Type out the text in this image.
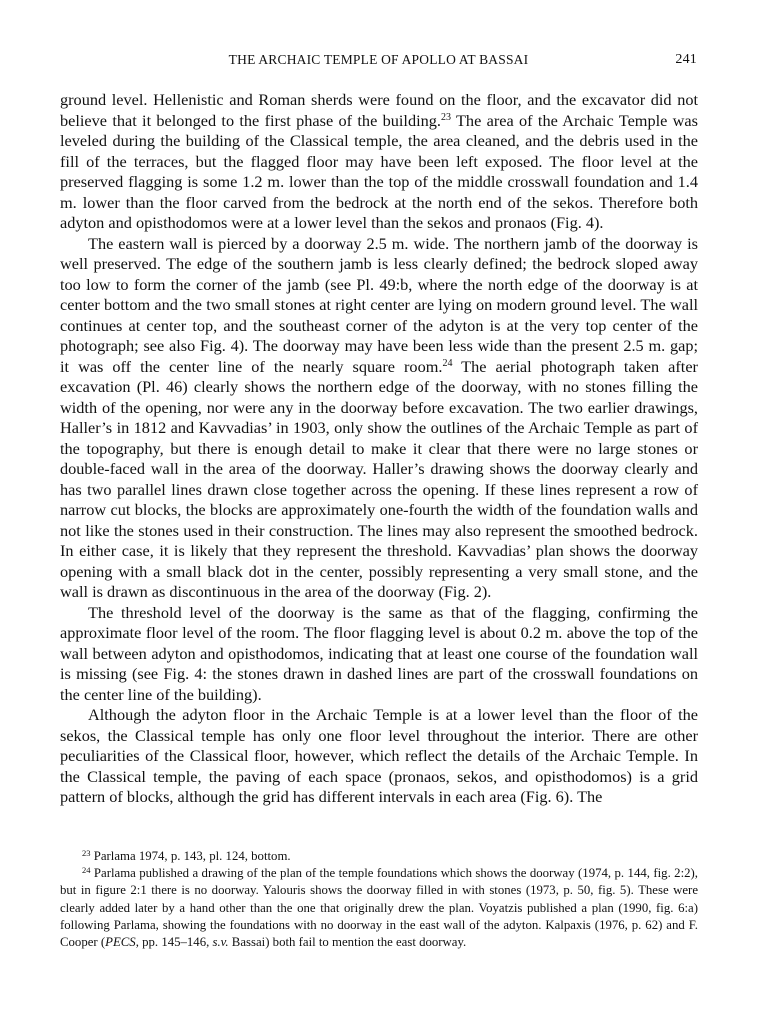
THE ARCHAIC TEMPLE OF APOLLO AT BASSAI	241

ground level. Hellenistic and Roman sherds were found on the floor, and the excavator did not believe that it belonged to the first phase of the building.$^{23}$ The area of the Archaic Temple was leveled during the building of the Classical temple, the area cleaned, and the debris used in the fill of the terraces, but the flagged floor may have been left exposed. The floor level at the preserved flagging is some 1.2 m. lower than the top of the middle crosswall foundation and 1.4 m. lower than the floor carved from the bedrock at the north end of the sekos. Therefore both adyton and opisthodomos were at a lower level than the sekos and pronaos (Fig. 4).

The eastern wall is pierced by a doorway 2.5 m. wide. The northern jamb of the doorway is well preserved. The edge of the southern jamb is less clearly defined; the bedrock sloped away too low to form the corner of the jamb (see Pl. 49:b, where the north edge of the doorway is at center bottom and the two small stones at right center are lying on modern ground level. The wall continues at center top, and the southeast corner of the adyton is at the very top center of the photograph; see also Fig. 4). The doorway may have been less wide than the present 2.5 m. gap; it was off the center line of the nearly square room.$^{24}$ The aerial photograph taken after excavation (Pl. 46) clearly shows the northern edge of the doorway, with no stones filling the width of the opening, nor were any in the doorway before excavation. The two earlier drawings, Haller’s in 1812 and Kavvadias’ in 1903, only show the outlines of the Archaic Temple as part of the topography, but there is enough detail to make it clear that there were no large stones or double-faced wall in the area of the doorway. Haller’s drawing shows the doorway clearly and has two parallel lines drawn close together across the opening. If these lines represent a row of narrow cut blocks, the blocks are approximately one-fourth the width of the foundation walls and not like the stones used in their construction. The lines may also represent the smoothed bedrock. In either case, it is likely that they represent the threshold. Kavvadias’ plan shows the doorway opening with a small black dot in the center, possibly representing a very small stone, and the wall is drawn as discontinuous in the area of the doorway (Fig. 2).

The threshold level of the doorway is the same as that of the flagging, confirming the approximate floor level of the room. The floor flagging level is about 0.2 m. above the top of the wall between adyton and opisthodomos, indicating that at least one course of the foundation wall is missing (see Fig. 4: the stones drawn in dashed lines are part of the crosswall foundations on the center line of the building).

Although the adyton floor in the Archaic Temple is at a lower level than the floor of the sekos, the Classical temple has only one floor level throughout the interior. There are other peculiarities of the Classical floor, however, which reflect the details of the Archaic Temple. In the Classical temple, the paving of each space (pronaos, sekos, and opisthodomos) is a grid pattern of blocks, although the grid has different intervals in each area (Fig. 6). The

$^{23}$ Parlama 1974, p. 143, pl. 124, bottom.

$^{24}$ Parlama published a drawing of the plan of the temple foundations which shows the doorway (1974, p. 144, fig. 2:2), but in figure 2:1 there is no doorway. Yalouris shows the doorway filled in with stones (1973, p. 50, fig. 5). These were clearly added later by a hand other than the one that originally drew the plan. Voyatzis published a plan (1990, fig. 6:a) following Parlama, showing the foundations with no doorway in the east wall of the adyton. Kalpaxis (1976, p. 62) and F. Cooper (PECS, pp. 145–146, s.v. Bassai) both fail to mention the east doorway.
